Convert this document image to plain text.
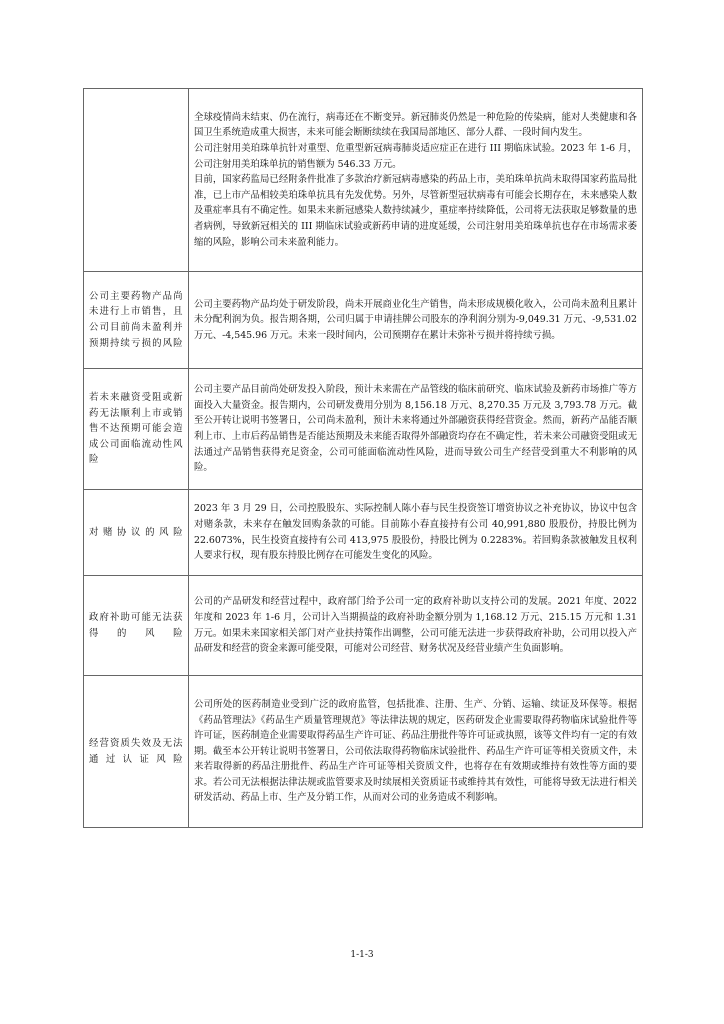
	全球疫情尚未结束、仍在流行，病毒还在不断变异。新冠肺炎仍然是一种危险的传染病，能对人类健康和各国卫生系统造成重大损害，未来可能会断断续续在我国局部地区、部分人群、一段时间内发生。

公司注射用美珀珠单抗针对重型、危重型新冠病毒肺炎适应症正在进行 III 期临床试验。2023 年 1-6 月，公司注射用美珀珠单抗的销售额为 546.33 万元。

目前，国家药监局已经附条件批准了多款治疗新冠病毒感染的药品上市，美珀珠单抗尚未取得国家药监局批准，已上市产品相较美珀珠单抗具有先发优势。另外，尽管新型冠状病毒有可能会长期存在，未来感染人数及重症率具有不确定性。如果未来新冠感染人数持续减少，重症率持续降低，公司将无法获取足够数量的患者病例，导致新冠相关的 III 期临床试验或新药申请的进度延缓，公司注射用美珀珠单抗也存在市场需求萎缩的风险，影响公司未来盈利能力。

公司主要药物产品尚未进行上市销售，且公司目前尚未盈利并预期持续亏损的风险	公司主要药物产品均处于研发阶段，尚未开展商业化生产销售，尚未形成规模化收入，公司尚未盈利且累计未分配利润为负。报告期各期，公司归属于申请挂牌公司股东的净利润分别为-9,049.31 万元、-9,531.02 万元、-4,545.96 万元。未来一段时间内，公司预期存在累计未弥补亏损并将持续亏损。

若未来融资受阻或新药无法顺利上市或销售不达预期可能会造成公司面临流动性风险	公司主要产品目前尚处研发投入阶段，预计未来需在产品管线的临床前研究、临床试验及新药市场推广等方面投入大量资金。报告期内，公司研发费用分别为 8,156.18 万元、8,270.35 万元及 3,793.78 万元。截至公开转让说明书签署日，公司尚未盈利，预计未来将通过外部融资获得经营资金。然而，新药产品能否顺利上市、上市后药品销售是否能达预期及未来能否取得外部融资均存在不确定性，若未来公司融资受阻或无法通过产品销售获得充足资金，公司可能面临流动性风险，进而导致公司生产经营受到重大不利影响的风险。

对赌协议的风险	2023 年 3 月 29 日，公司控股股东、实际控制人陈小春与民生投资签订增资协议之补充协议，协议中包含对赌条款，未来存在触发回购条款的可能。目前陈小春直接持有公司 40,991,880 股股份，持股比例为 22.6073%，民生投资直接持有公司 413,975 股股份，持股比例为 0.2283%。若回购条款被触发且权利人要求行权，现有股东持股比例存在可能发生变化的风险。

政府补助可能无法获得的风险	公司的产品研发和经营过程中，政府部门给予公司一定的政府补助以支持公司的发展。2021 年度、2022 年度和 2023 年 1-6 月，公司计入当期损益的政府补助金额分别为 1,168.12 万元、215.15 万元和 1.31 万元。如果未来国家相关部门对产业扶持策作出调整，公司可能无法进一步获得政府补助，公司用以投入产品研发和经营的资金来源可能受限，可能对公司经营、财务状况及经营业绩产生负面影响。

经营资质失效及无法通过认证风险	公司所处的医药制造业受到广泛的政府监管，包括批准、注册、生产、分销、运输、续证及环保等。根据《药品管理法》《药品生产质量管理规范》等法律法规的规定，医药研发企业需要取得药物临床试验批件等许可证，医药制造企业需要取得药品生产许可证、药品注册批件等许可证或执照，该等文件均有一定的有效期。截至本公开转让说明书签署日，公司依法取得药物临床试验批件、药品生产许可证等相关资质文件，未来若取得新的药品注册批件、药品生产许可证等相关资质文件，也将存在有效期或维持有效性等方面的要求。若公司无法根据法律法规或监管要求及时续展相关资质证书或维持其有效性，可能将导致无法进行相关研发活动、药品上市、生产及分销工作，从而对公司的业务造成不利影响。

1-1-3
